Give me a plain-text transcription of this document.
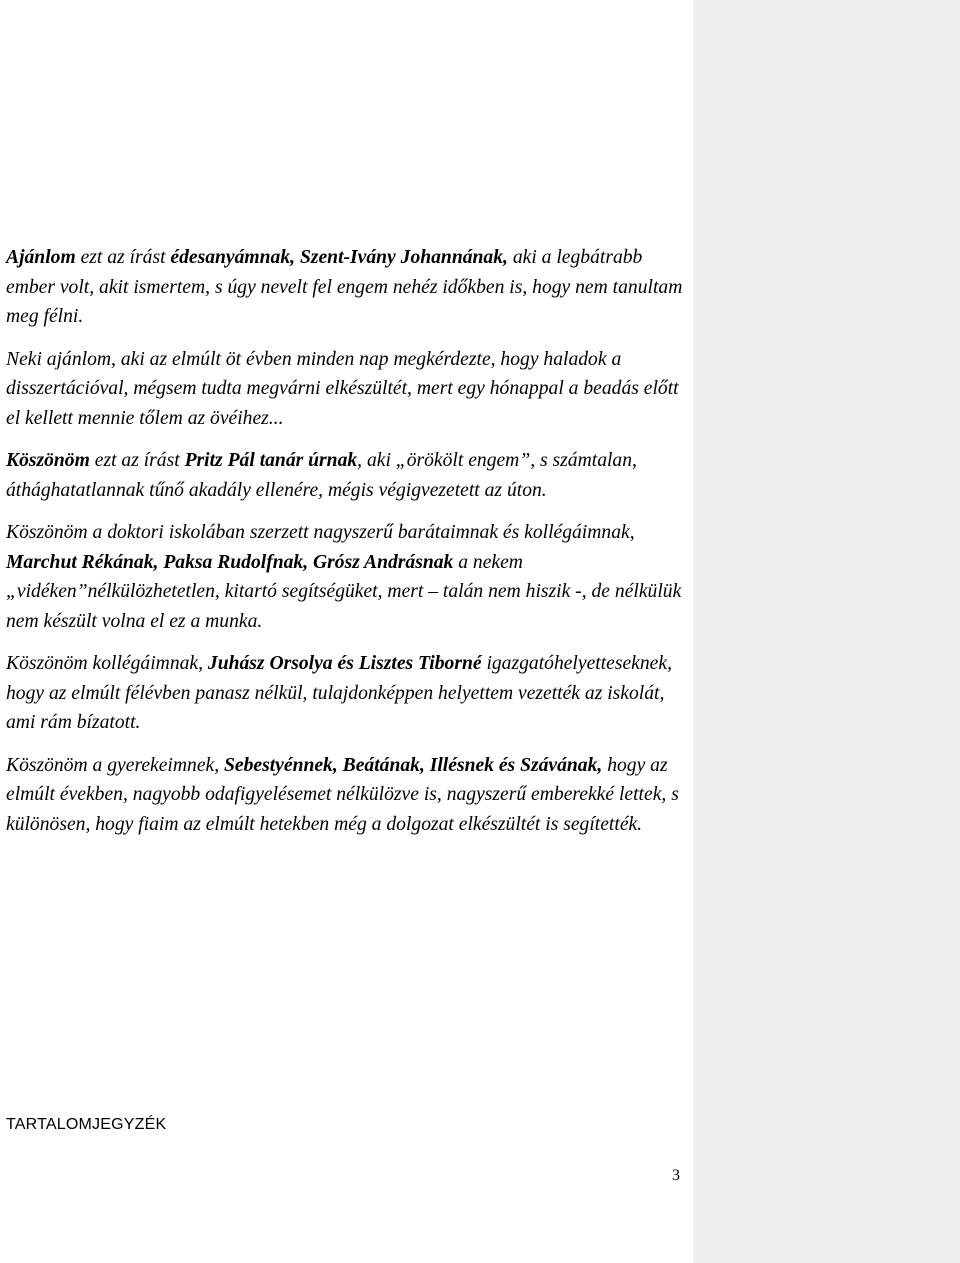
Ajánlom ezt az írást édesanyámnak, Szent-Ivány Johannának, aki a legbátrabb ember volt, akit ismertem, s úgy nevelt fel engem nehéz időkben is, hogy nem tanultam meg félni.

Neki ajánlom, aki az elmúlt öt évben minden nap megkérdezte, hogy haladok a disszertációval, mégsem tudta megvárni elkészültét, mert egy hónappal a beadás előtt el kellett mennie tőlem az övéihez...

Köszönöm ezt az írást Pritz Pál tanár úrnak, aki „örökölt engem”, s számtalan, áthághatatlannak tűnő akadály ellenére, mégis végigvezetett az úton.

Köszönöm a doktori iskolában szerzett nagyszerű barátaimnak és kollégáimnak, Marchut Rékának, Paksa Rudolfnak, Grósz Andrásnak a nekem „vidéken”nélkülözhetetlen, kitartó segítségüket, mert – talán nem hiszik -, de nélkülük nem készült volna el ez a munka.

Köszönöm kollégáimnak, Juhász Orsolya és Lisztes Tiborné igazgatóhelyetteseknek, hogy az elmúlt félévben panasz nélkül, tulajdonképpen helyettem vezették az iskolát, ami rám bízatott.

Köszönöm a gyerekeimnek, Sebestyénnek, Beátának, Illésnek és Szávának, hogy az elmúlt években, nagyobb odafigyelésemet nélkülözve is, nagyszerű emberekké lettek, s különösen, hogy fiaim az elmúlt hetekben még a dolgozat elkészültét is segítették.

TARTALOMJEGYZÉK
3
